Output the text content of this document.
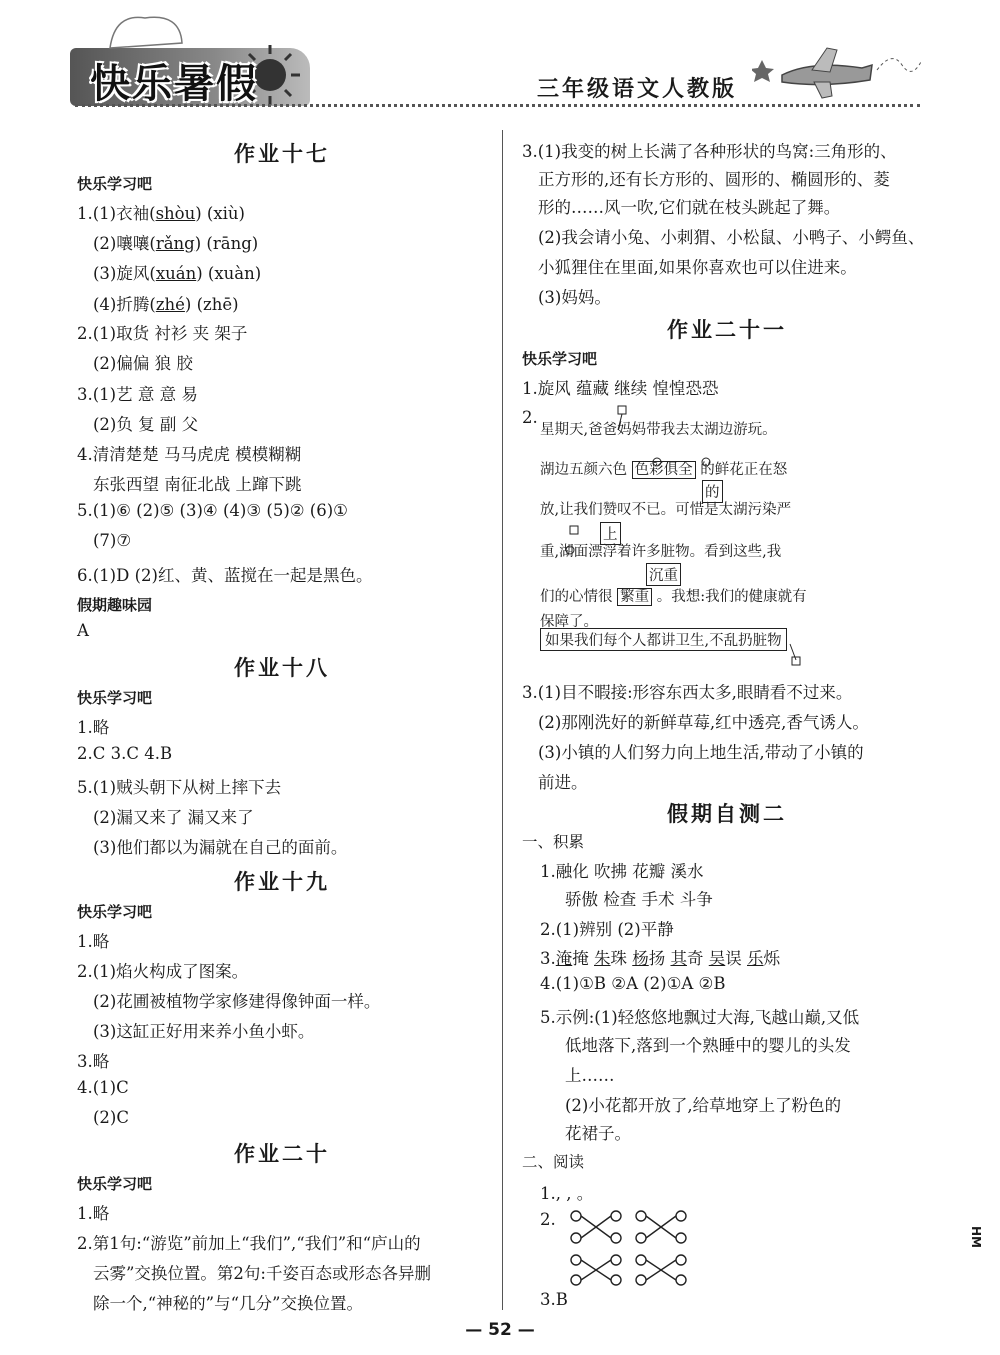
快乐暑假	三年级语文人教版
作业十七
快乐学习吧
1.(1)衣袖(shòu) (xiù)
(2)嚷嚷(rǎng) (rāng)
(3)旋风(xuán) (xuàn)
(4)折腾(zhé) (zhē)
2.(1)取货 衬衫 夹 架子
(2)偏偏 狼 胶
3.(1)艺 意 意 易
(2)负 复 副 父
4.清清楚楚 马马虎虎 模模糊糊
东张西望 南征北战 上蹿下跳
5.(1)⑥ (2)⑤ (3)④ (4)③ (5)② (6)①
(7)⑦
6.(1)D (2)红、黄、蓝搅在一起是黑色。
假期趣味园
A
作业十八
快乐学习吧
1.略
2.C 3.C 4.B
5.(1)贼头朝下从树上摔下去
(2)漏又来了 漏又来了
(3)他们都以为漏就在自己的面前。
作业十九
快乐学习吧
1.略
2.(1)焰火构成了图案。
(2)花圃被植物学家修建得像钟面一样。
(3)这缸正好用来养小鱼小虾。
3.略
4.(1)C
(2)C
作业二十
快乐学习吧
1.略
2.第1句:“游览”前加上“我们”,“我们”和“庐山的
云雾”交换位置。第2句:千姿百态或形态各异删
除一个,“神秘的”与“几分”交换位置。
3.(1)我变的树上长满了各种形状的鸟窝:三角形的、
正方形的,还有长方形的、圆形的、椭圆形的、菱
形的……风一吹,它们就在枝头跳起了舞。
(2)我会请小兔、小刺猬、小松鼠、小鸭子、小鳄鱼、
小狐狸住在里面,如果你喜欢也可以住进来。
(3)妈妈。
作业二十一
快乐学习吧
1.旋风 蕴藏 继续 惶惶恐恐
2.
星期天,爸爸妈妈带我去太湖边游玩。
湖边五颜六色 色彩俱全 的鲜花正在怒
放,让我们赞叹不已。可惜是太湖污染严
重,湖面漂浮着许多脏物。看到这些,我
们的心情很 繁重 。我想:我们的健康就有
保障了。
如果我们每个人都讲卫生,不乱扔脏物
的
上
沉重
3.(1)目不暇接:形容东西太多,眼睛看不过来。
(2)那刚洗好的新鲜草莓,红中透亮,香气诱人。
(3)小镇的人们努力向上地生活,带动了小镇的
前进。
假期自测二
一、积累
1.融化 吹拂 花瓣 溪水
骄傲 检查 手术 斗争
2.(1)辨别 (2)平静
3.淹掩 朱珠 杨扬 其奇 吴误 乐烁
4.(1)①B ②A (2)①A ②B
5.示例:(1)轻悠悠地飘过大海,飞越山巅,又低
低地落下,落到一个熟睡中的婴儿的头发
上……
(2)小花都开放了,给草地穿上了粉色的
花裙子。
二、阅读
1., , 。
2.
3.B
— 52 —
HM
